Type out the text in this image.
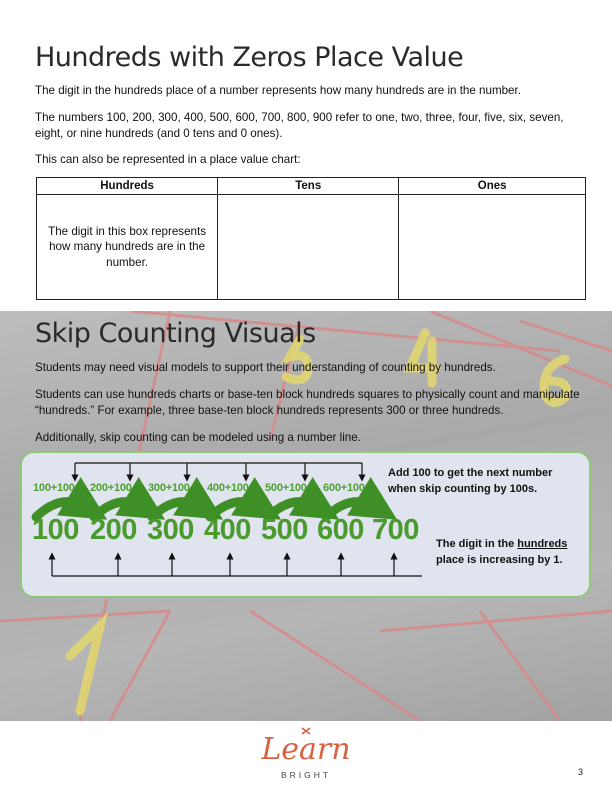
Hundreds with Zeros Place Value

The digit in the hundreds place of a number represents how many hundreds are in the number.

The numbers 100, 200, 300, 400, 500, 600, 700, 800, 900 refer to one, two, three, four, five, six, seven, eight, or nine hundreds (and 0 tens and 0 ones).

This can also be represented in a place value chart:

Hundreds	Tens	Ones
The digit in this box represents how many hundreds are in the number.		
Skip Counting Visuals

Students may need visual models to support their understanding of counting by hundreds.

Students can use hundreds charts or base-ten block hundreds squares to physically count and manipulate “hundreds.” For example, three base-ten block hundreds represents 300 or three hundreds.

Additionally, skip counting can be modeled using a number line.

100+100 200+100 300+100 400+100 500+100 600+100
100 200 300 400 500 600 700
Add 100 to get the next number when skip counting by 100s.
The digit in the hundreds place is increasing by 1.
Learn
BRIGHT	3
